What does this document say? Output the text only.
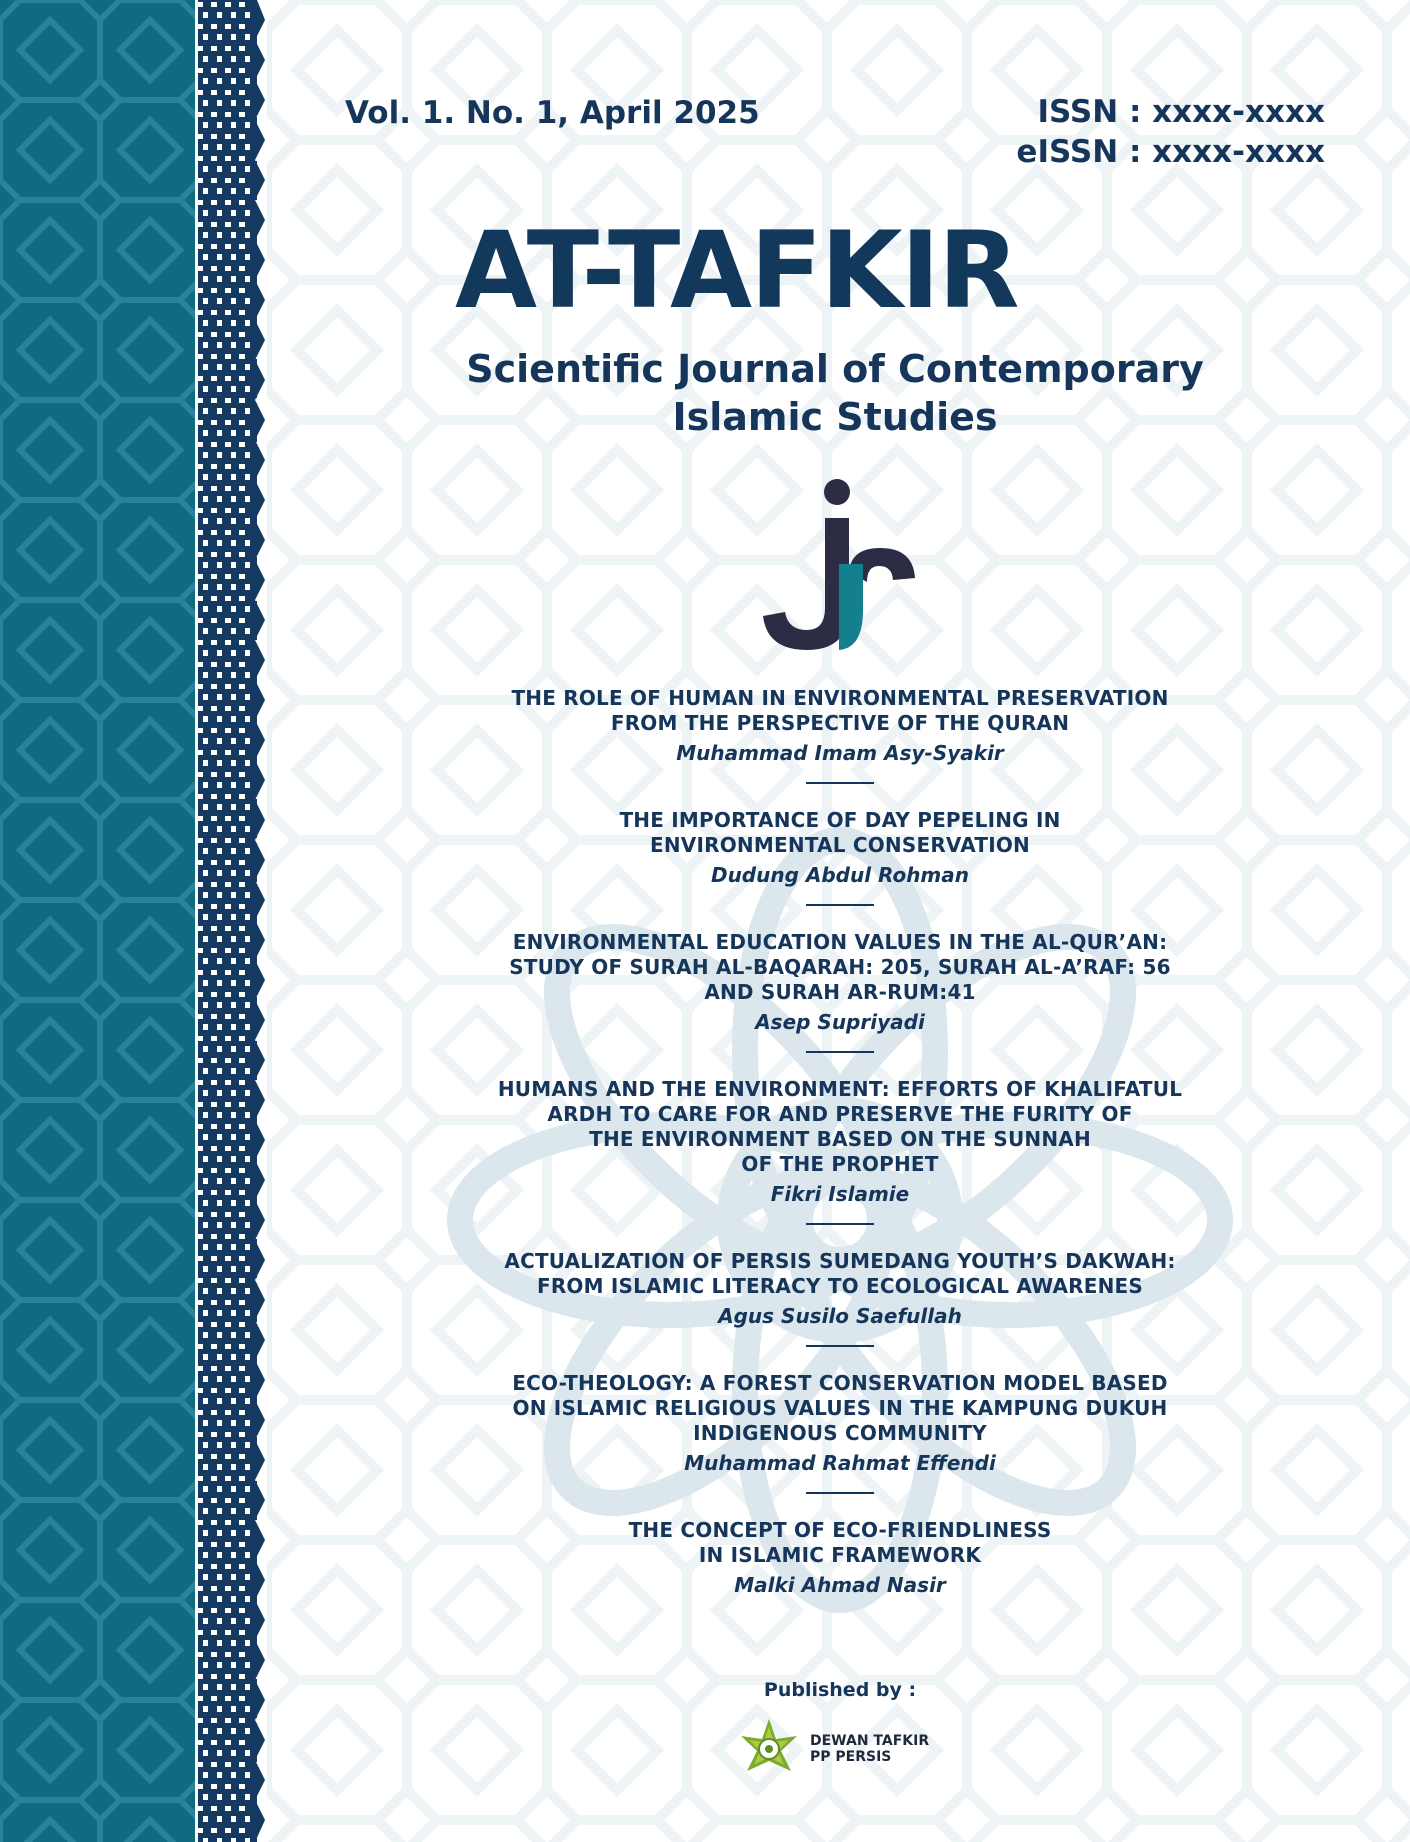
Vol. 1. No. 1, April 2025	ISSN : xxxx-xxxx
eISSN : xxxx-xxxx
AT-TAFKIR
Scientific Journal of Contemporary
Islamic Studies
THE ROLE OF HUMAN IN ENVIRONMENTAL PRESERVATION
FROM THE PERSPECTIVE OF THE QURAN
Muhammad Imam Asy-Syakir
THE IMPORTANCE OF DAY PEPELING IN
ENVIRONMENTAL CONSERVATION
Dudung Abdul Rohman
ENVIRONMENTAL EDUCATION VALUES IN THE AL-QUR’AN:
STUDY OF SURAH AL-BAQARAH: 205, SURAH AL-A’RAF: 56
AND SURAH AR-RUM:41
Asep Supriyadi
HUMANS AND THE ENVIRONMENT: EFFORTS OF KHALIFATUL
ARDH TO CARE FOR AND PRESERVE THE FURITY OF
THE ENVIRONMENT BASED ON THE SUNNAH
OF THE PROPHET
Fikri Islamie
ACTUALIZATION OF PERSIS SUMEDANG YOUTH’S DAKWAH:
FROM ISLAMIC LITERACY TO ECOLOGICAL AWARENES
Agus Susilo Saefullah
ECO-THEOLOGY: A FOREST CONSERVATION MODEL BASED
ON ISLAMIC RELIGIOUS VALUES IN THE KAMPUNG DUKUH
INDIGENOUS COMMUNITY
Muhammad Rahmat Effendi
THE CONCEPT OF ECO-FRIENDLINESS
IN ISLAMIC FRAMEWORK
Malki Ahmad Nasir
Published by :
DEWAN TAFKIR
PP PERSIS
